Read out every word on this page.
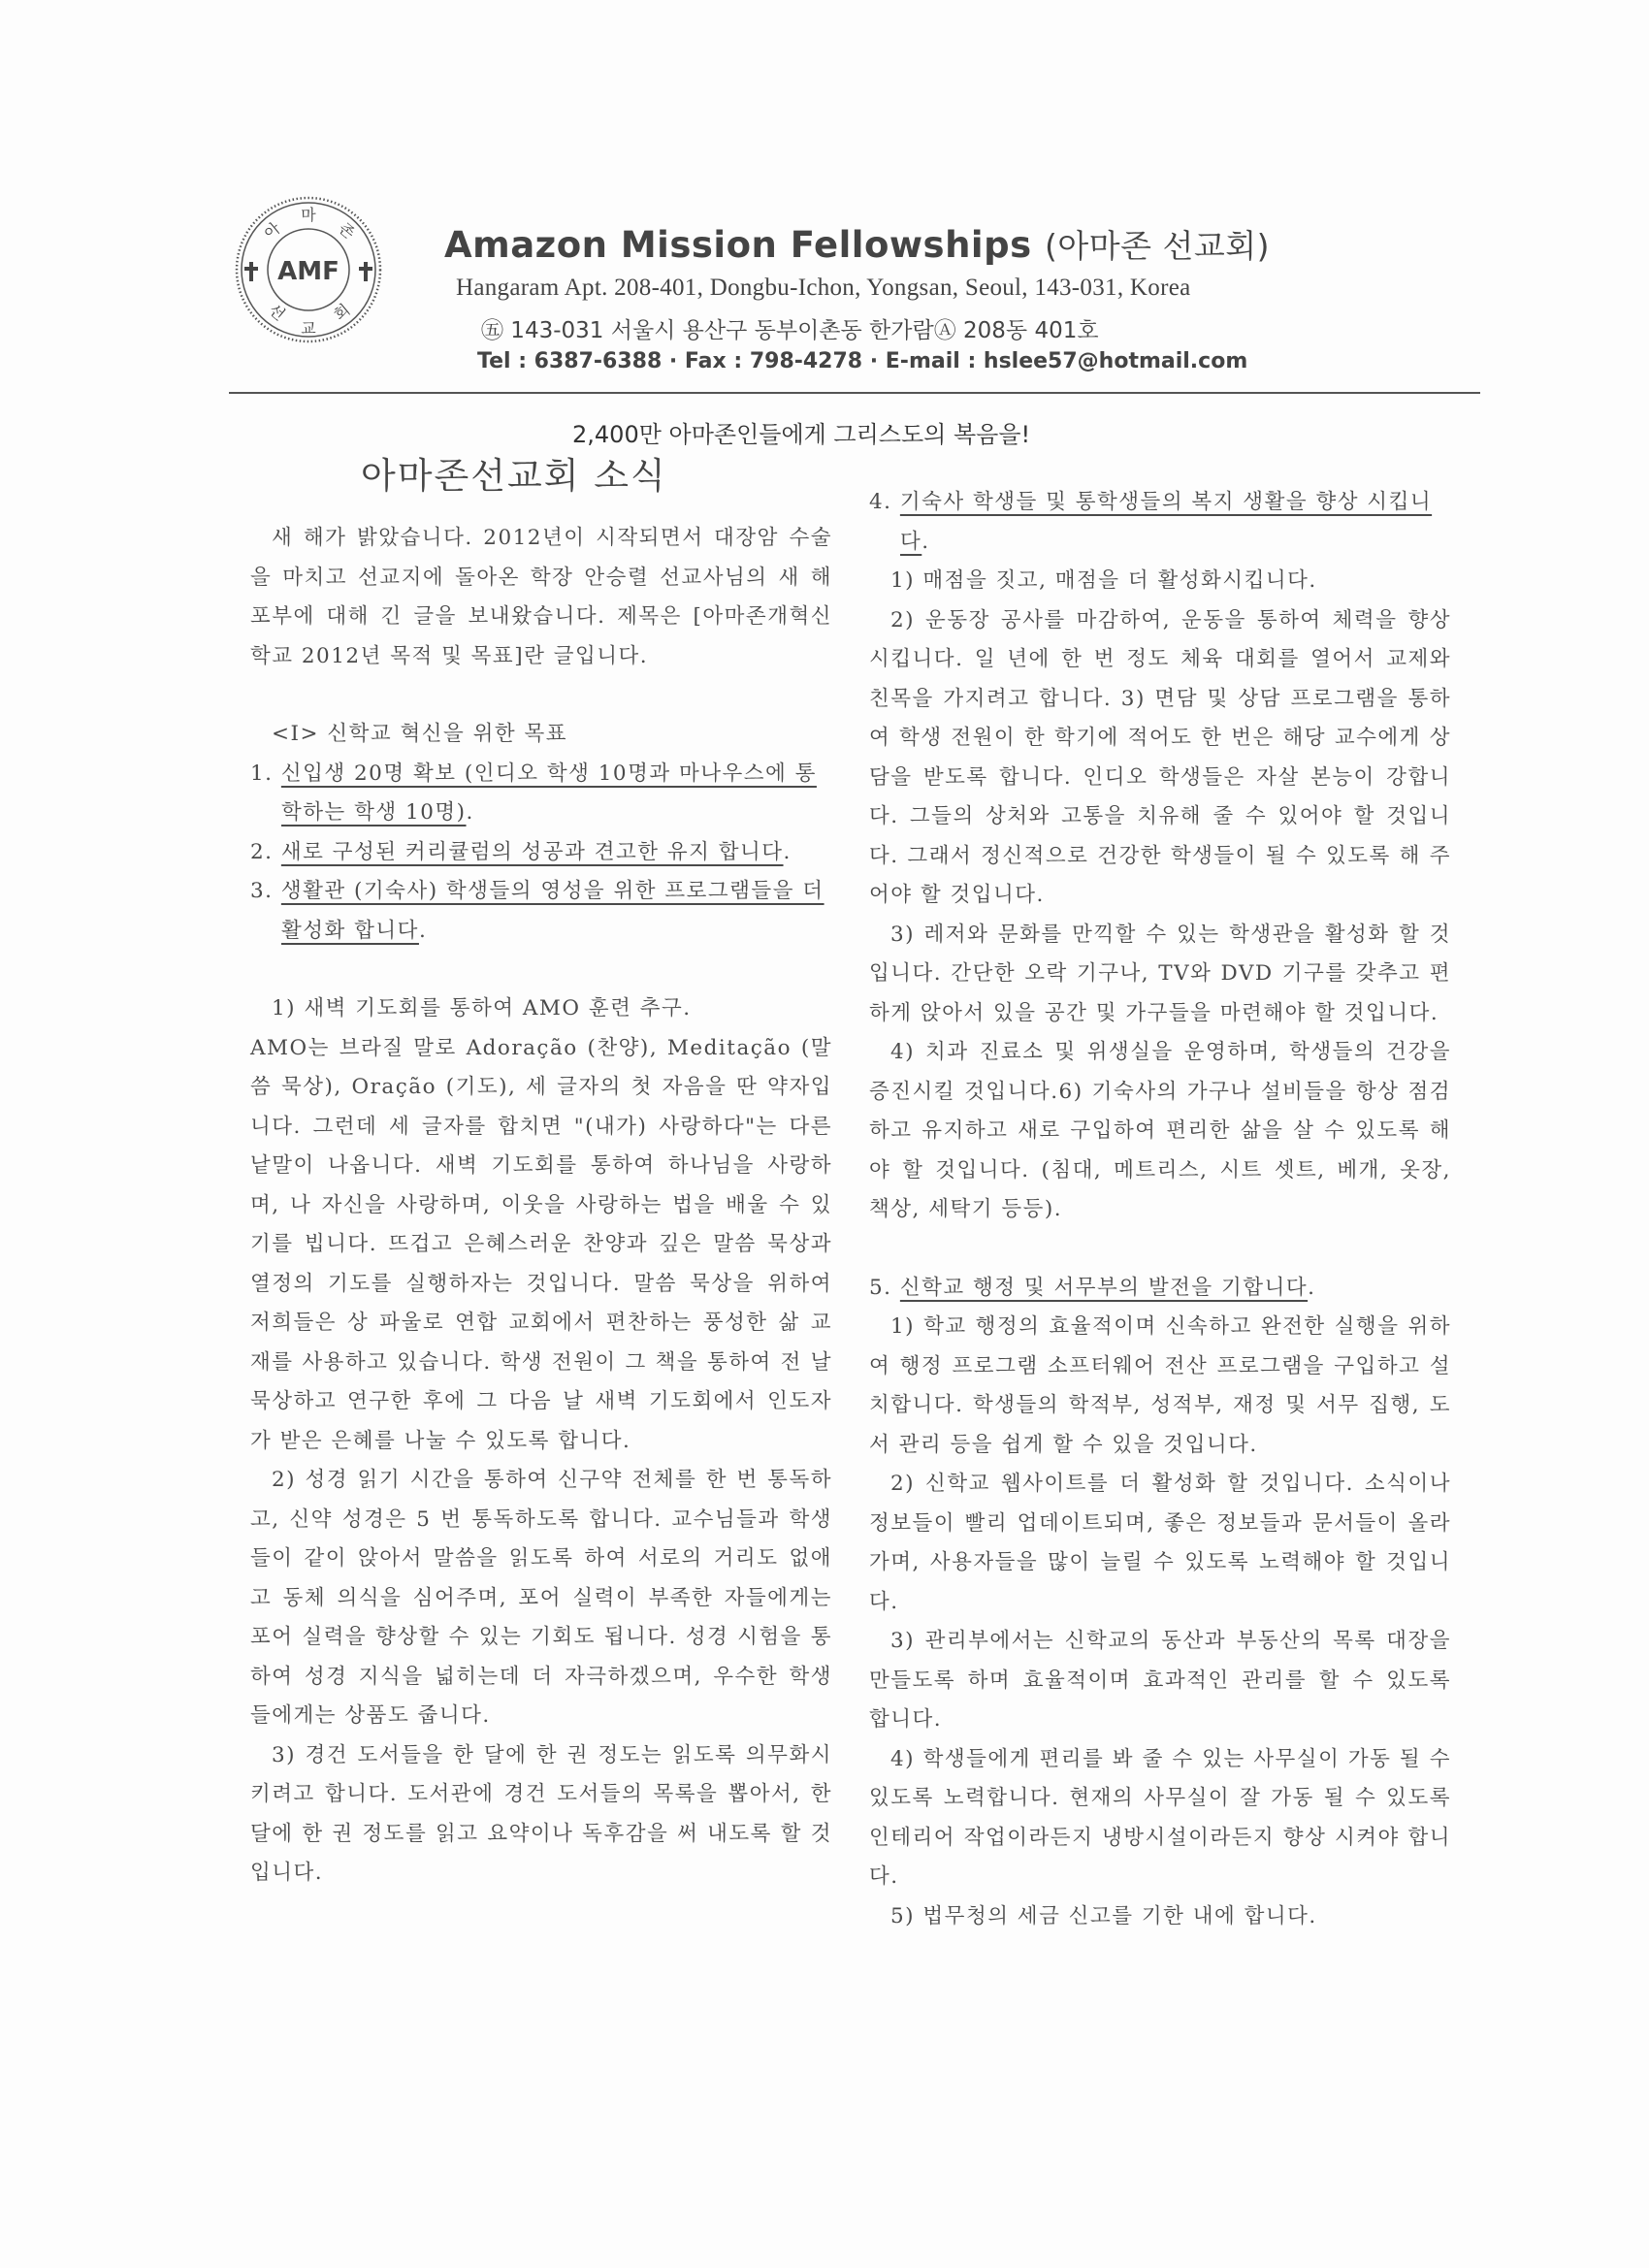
AMF
아
마
존
선
교
회
Amazon Mission Fellowships (아마존 선교회)
Hangaram Apt. 208-401, Dongbu-Ichon, Yongsan, Seoul, 143-031, Korea
㊄ 143-031 서울시 용산구 동부이촌동 한가람Ⓐ 208동 401호
Tel : 6387-6388 · Fax : 798-4278 · E-mail : hslee57@hotmail.com
2,400만 아마존인들에게 그리스도의 복음을!
아마존선교회 소식

새 해가 밝았습니다. 2012년이 시작되면서 대장암 수술을 마치고 선교지에 돌아온 학장 안승렬 선교사님의 새 해 포부에 대해 긴 글을 보내왔습니다. 제목은 [아마존개혁신학교 2012년 목적 및 목표]란 글입니다.

<I> 신학교 혁신을 위한 목표

1. 신입생 20명 확보 (인디오 학생 10명과 마나우스에 통학하는 학생 10명).

2. 새로 구성된 커리큘럼의 성공과 견고한 유지 합니다.

3. 생활관 (기숙사) 학생들의 영성을 위한 프로그램들을 더 활성화 합니다.

1) 새벽 기도회를 통하여 AMO 훈련 추구.

AMO는 브라질 말로 Adoração (찬양), Meditação (말씀 묵상), Oração (기도), 세 글자의 첫 자음을 딴 약자입니다. 그런데 세 글자를 합치면 "(내가) 사랑하다"는 다른 낱말이 나옵니다. 새벽 기도회를 통하여 하나님을 사랑하며, 나 자신을 사랑하며, 이웃을 사랑하는 법을 배울 수 있기를 빕니다. 뜨겁고 은혜스러운 찬양과 깊은 말씀 묵상과 열정의 기도를 실행하자는 것입니다. 말씀 묵상을 위하여 저희들은 상 파울로 연합 교회에서 편찬하는 풍성한 삶 교재를 사용하고 있습니다. 학생 전원이 그 책을 통하여 전 날 묵상하고 연구한 후에 그 다음 날 새벽 기도회에서 인도자가 받은 은혜를 나눌 수 있도록 합니다.

2) 성경 읽기 시간을 통하여 신구약 전체를 한 번 통독하고, 신약 성경은 5 번 통독하도록 합니다. 교수님들과 학생들이 같이 앉아서 말씀을 읽도록 하여 서로의 거리도 없애고 동체 의식을 심어주며, 포어 실력이 부족한 자들에게는 포어 실력을 향상할 수 있는 기회도 됩니다. 성경 시험을 통하여 성경 지식을 넓히는데 더 자극하겠으며, 우수한 학생들에게는 상품도 줍니다.

3) 경건 도서들을 한 달에 한 권 정도는 읽도록 의무화시키려고 합니다. 도서관에 경건 도서들의 목록을 뽑아서, 한 달에 한 권 정도를 읽고 요약이나 독후감을 써 내도록 할 것입니다.

4. 기숙사 학생들 및 통학생들의 복지 생활을 향상 시킵니다.

1) 매점을 짓고, 매점을 더 활성화시킵니다.

2) 운동장 공사를 마감하여, 운동을 통하여 체력을 향상시킵니다. 일 년에 한 번 정도 체육 대회를 열어서 교제와 친목을 가지려고 합니다. 3) 면담 및 상담 프로그램을 통하여 학생 전원이 한 학기에 적어도 한 번은 해당 교수에게 상담을 받도록 합니다. 인디오 학생들은 자살 본능이 강합니다. 그들의 상처와 고통을 치유해 줄 수 있어야 할 것입니다. 그래서 정신적으로 건강한 학생들이 될 수 있도록 해 주어야 할 것입니다.

3) 레저와 문화를 만끽할 수 있는 학생관을 활성화 할 것입니다. 간단한 오락 기구나, TV와 DVD 기구를 갖추고 편하게 앉아서 있을 공간 및 가구들을 마련해야 할 것입니다.

4) 치과 진료소 및 위생실을 운영하며, 학생들의 건강을 증진시킬 것입니다.6) 기숙사의 가구나 설비들을 항상 점검하고 유지하고 새로 구입하여 편리한 삶을 살 수 있도록 해야 할 것입니다. (침대, 메트리스, 시트 셋트, 베개, 옷장, 책상, 세탁기 등등).

5. 신학교 행정 및 서무부의 발전을 기합니다.

1) 학교 행정의 효율적이며 신속하고 완전한 실행을 위하여 행정 프로그램 소프터웨어 전산 프로그램을 구입하고 설치합니다. 학생들의 학적부, 성적부, 재정 및 서무 집행, 도서 관리 등을 쉽게 할 수 있을 것입니다.

2) 신학교 웹사이트를 더 활성화 할 것입니다. 소식이나 정보들이 빨리 업데이트되며, 좋은 정보들과 문서들이 올라가며, 사용자들을 많이 늘릴 수 있도록 노력해야 할 것입니다.

3) 관리부에서는 신학교의 동산과 부동산의 목록 대장을 만들도록 하며 효율적이며 효과적인 관리를 할 수 있도록 합니다.

4) 학생들에게 편리를 봐 줄 수 있는 사무실이 가동 될 수 있도록 노력합니다. 현재의 사무실이 잘 가동 될 수 있도록 인테리어 작업이라든지 냉방시설이라든지 향상 시켜야 합니다.

5) 법무청의 세금 신고를 기한 내에 합니다.
